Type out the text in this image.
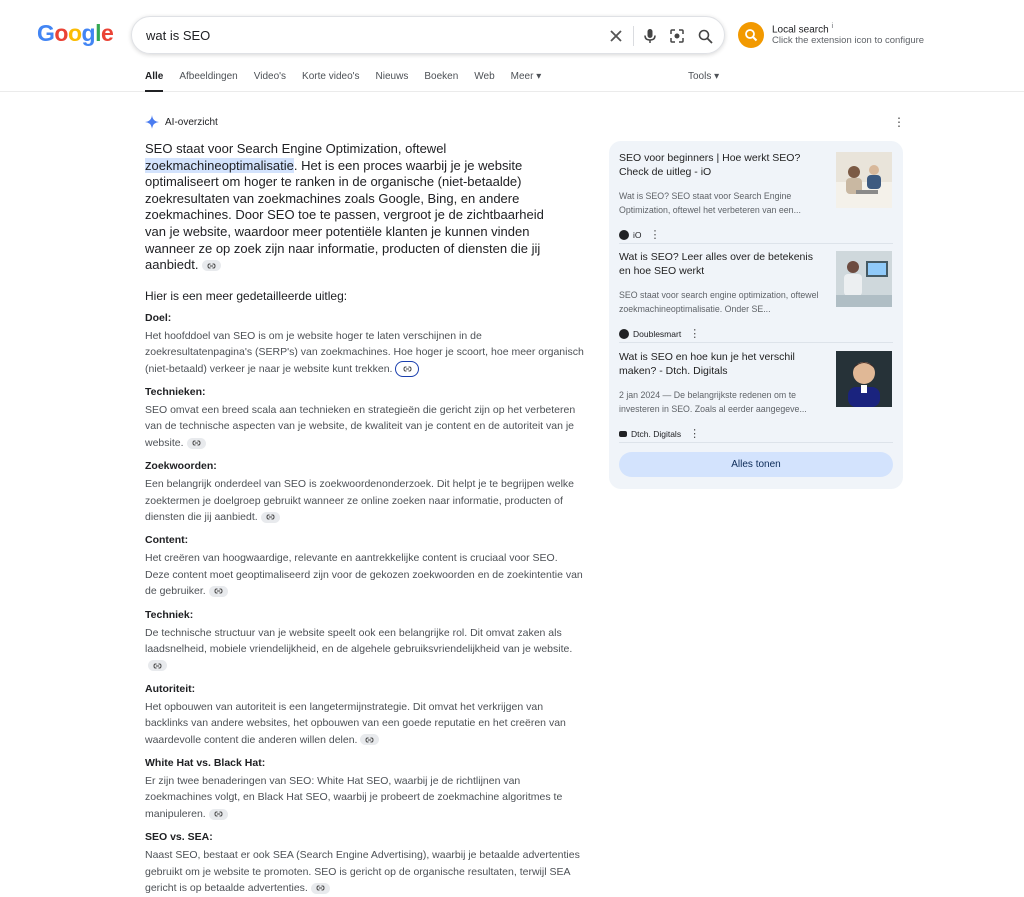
Google	wat is SEO	Local search $^i$
Click the extension icon to configure
Alle Afbeeldingen Video's Korte video's Nieuws Boeken Web Meer ▾	Tools ▾
AI-overzicht	⋮

SEO staat voor Search Engine Optimization, oftewel zoekmachineoptimalisatie. Het is een proces waarbij je je website optimaliseert om hoger te ranken in de organische (niet-betaalde) zoekresultaten van zoekmachines zoals Google, Bing, en andere zoekmachines. Door SEO toe te passen, vergroot je de zichtbaarheid van je website, waardoor meer potentiële klanten je kunnen vinden wanneer ze op zoek zijn naar informatie, producten of diensten die jij aanbiedt.

Hier is een meer gedetailleerde uitleg:
Doel:
Het hoofddoel van SEO is om je website hoger te laten verschijnen in de zoekresultatenpagina's (SERP's) van zoekmachines. Hoe hoger je scoort, hoe meer organisch (niet-betaald) verkeer je naar je website kunt trekken.
Technieken:
SEO omvat een breed scala aan technieken en strategieën die gericht zijn op het verbeteren van de technische aspecten van je website, de kwaliteit van je content en de autoriteit van je website.
Zoekwoorden:
Een belangrijk onderdeel van SEO is zoekwoordenonderzoek. Dit helpt je te begrijpen welke zoektermen je doelgroep gebruikt wanneer ze online zoeken naar informatie, producten of diensten die jij aanbiedt.
Content:
Het creëren van hoogwaardige, relevante en aantrekkelijke content is cruciaal voor SEO. Deze content moet geoptimaliseerd zijn voor de gekozen zoekwoorden en de zoekintentie van de gebruiker.
Techniek:
De technische structuur van je website speelt ook een belangrijke rol. Dit omvat zaken als laadsnelheid, mobiele vriendelijkheid, en de algehele gebruiksvriendelijkheid van je website.
Autoriteit:
Het opbouwen van autoriteit is een langetermijnstrategie. Dit omvat het verkrijgen van backlinks van andere websites, het opbouwen van een goede reputatie en het creëren van waardevolle content die anderen willen delen.
White Hat vs. Black Hat:
Er zijn twee benaderingen van SEO: White Hat SEO, waarbij je de richtlijnen van zoekmachines volgt, en Black Hat SEO, waarbij je probeert de zoekmachine algoritmes te manipuleren.
SEO vs. SEA:
Naast SEO, bestaat er ook SEA (Search Engine Advertising), waarbij je betaalde advertenties gebruikt om je website te promoten. SEO is gericht op de organische resultaten, terwijl SEA gericht is op betaalde advertenties.
SEO voor beginners | Hoe werkt SEO? Check de uitleg - iO
Wat is SEO? SEO staat voor Search Engine Optimization, oftewel het verbeteren van een...
iO ⋮
Wat is SEO? Leer alles over de betekenis en hoe SEO werkt
SEO staat voor search engine optimization, oftewel zoekmachineoptimalisatie. Onder SE...
Doublesmart ⋮
Wat is SEO en hoe kun je het verschil maken? - Dtch. Digitals
2 jan 2024 — De belangrijkste redenen om te investeren in SEO. Zoals al eerder aangegeve...
Dtch. Digitals ⋮
Alles tonen
